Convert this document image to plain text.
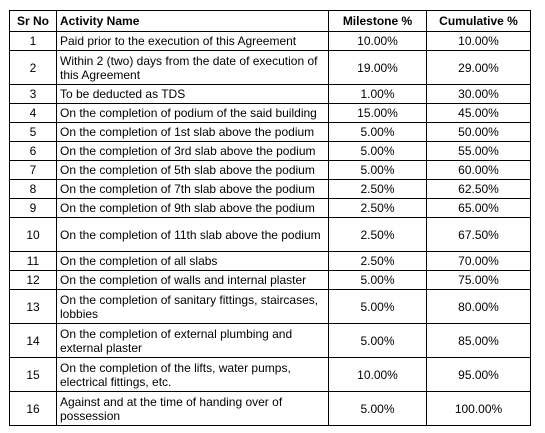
Sr No	Activity Name	Milestone %	Cumulative %
1	Paid prior to the execution of this Agreement	10.00%	10.00%
2	Within 2 (two) days from the date of execution of this Agreement	19.00%	29.00%
3	To be deducted as TDS	1.00%	30.00%
4	On the completion of podium of the said building	15.00%	45.00%
5	On the completion of 1st slab above the podium	5.00%	50.00%
6	On the completion of 3rd slab above the podium	5.00%	55.00%
7	On the completion of 5th slab above the podium	5.00%	60.00%
8	On the completion of 7th slab above the podium	2.50%	62.50%
9	On the completion of 9th slab above the podium	2.50%	65.00%
10	On the completion of 11th slab above the podium	2.50%	67.50%
11	On the completion of all slabs	2.50%	70.00%
12	On the completion of walls and internal plaster	5.00%	75.00%
13	On the completion of sanitary fittings, staircases, lobbies	5.00%	80.00%
14	On the completion of external plumbing and external plaster	5.00%	85.00%
15	On the completion of the lifts, water pumps, electrical fittings, etc.	10.00%	95.00%
16	Against and at the time of handing over of possession	5.00%	100.00%
